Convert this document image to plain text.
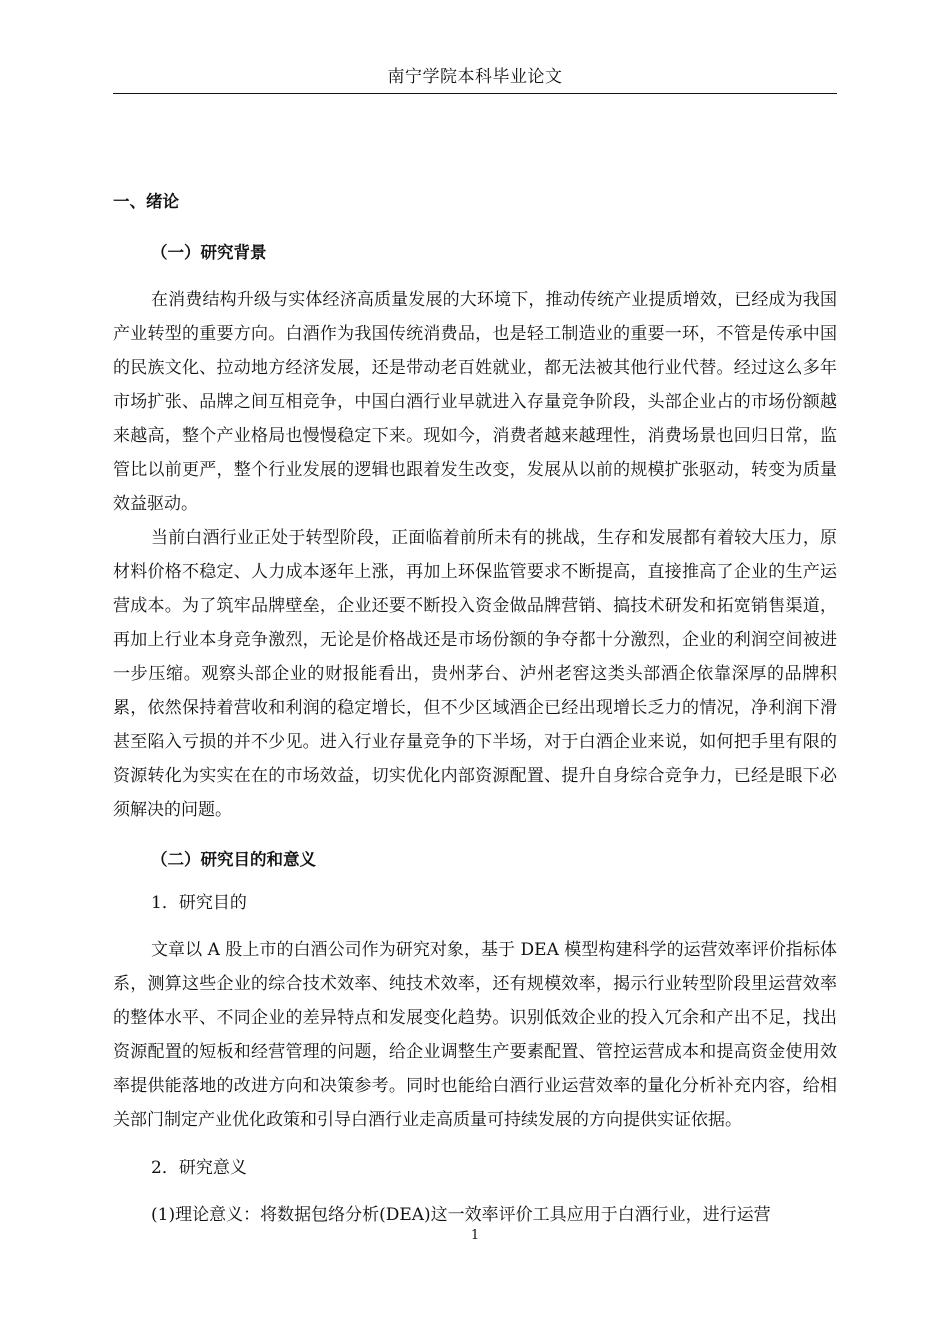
南宁学院本科毕业论文
一、绪论
（一）研究背景

在消费结构升级与实体经济高质量发展的大环境下，推动传统产业提质增效，已经成为我国产业转型的重要方向。白酒作为我国传统消费品，也是轻工制造业的重要一环，不管是传承中国的民族文化、拉动地方经济发展，还是带动老百姓就业，都无法被其他行业代替。经过这么多年市场扩张、品牌之间互相竞争，中国白酒行业早就进入存量竞争阶段，头部企业占的市场份额越来越高，整个产业格局也慢慢稳定下来。现如今，消费者越来越理性，消费场景也回归日常，监管比以前更严，整个行业发展的逻辑也跟着发生改变，发展从以前的规模扩张驱动，转变为质量效益驱动。

当前白酒行业正处于转型阶段，正面临着前所未有的挑战，生存和发展都有着较大压力，原材料价格不稳定、人力成本逐年上涨，再加上环保监管要求不断提高，直接推高了企业的生产运营成本。为了筑牢品牌壁垒，企业还要不断投入资金做品牌营销、搞技术研发和拓宽销售渠道，再加上行业本身竞争激烈，无论是价格战还是市场份额的争夺都十分激烈，企业的利润空间被进一步压缩。观察头部企业的财报能看出，贵州茅台、泸州老窖这类头部酒企依靠深厚的品牌积累，依然保持着营收和利润的稳定增长，但不少区域酒企已经出现增长乏力的情况，净利润下滑甚至陷入亏损的并不少见。进入行业存量竞争的下半场，对于白酒企业来说，如何把手里有限的资源转化为实实在在的市场效益，切实优化内部资源配置、提升自身综合竞争力，已经是眼下必须解决的问题。

（二）研究目的和意义
1．研究目的

文章以 A 股上市的白酒公司作为研究对象，基于 DEA 模型构建科学的运营效率评价指标体系，测算这些企业的综合技术效率、纯技术效率，还有规模效率，揭示行业转型阶段里运营效率的整体水平、不同企业的差异特点和发展变化趋势。识别低效企业的投入冗余和产出不足，找出资源配置的短板和经营管理的问题，给企业调整生产要素配置、管控运营成本和提高资金使用效率提供能落地的改进方向和决策参考。同时也能给白酒行业运营效率的量化分析补充内容，给相关部门制定产业优化政策和引导白酒行业走高质量可持续发展的方向提供实证依据。

2．研究意义

(1)理论意义：将数据包络分析(DEA)这一效率评价工具应用于白酒行业，进行运营

1
